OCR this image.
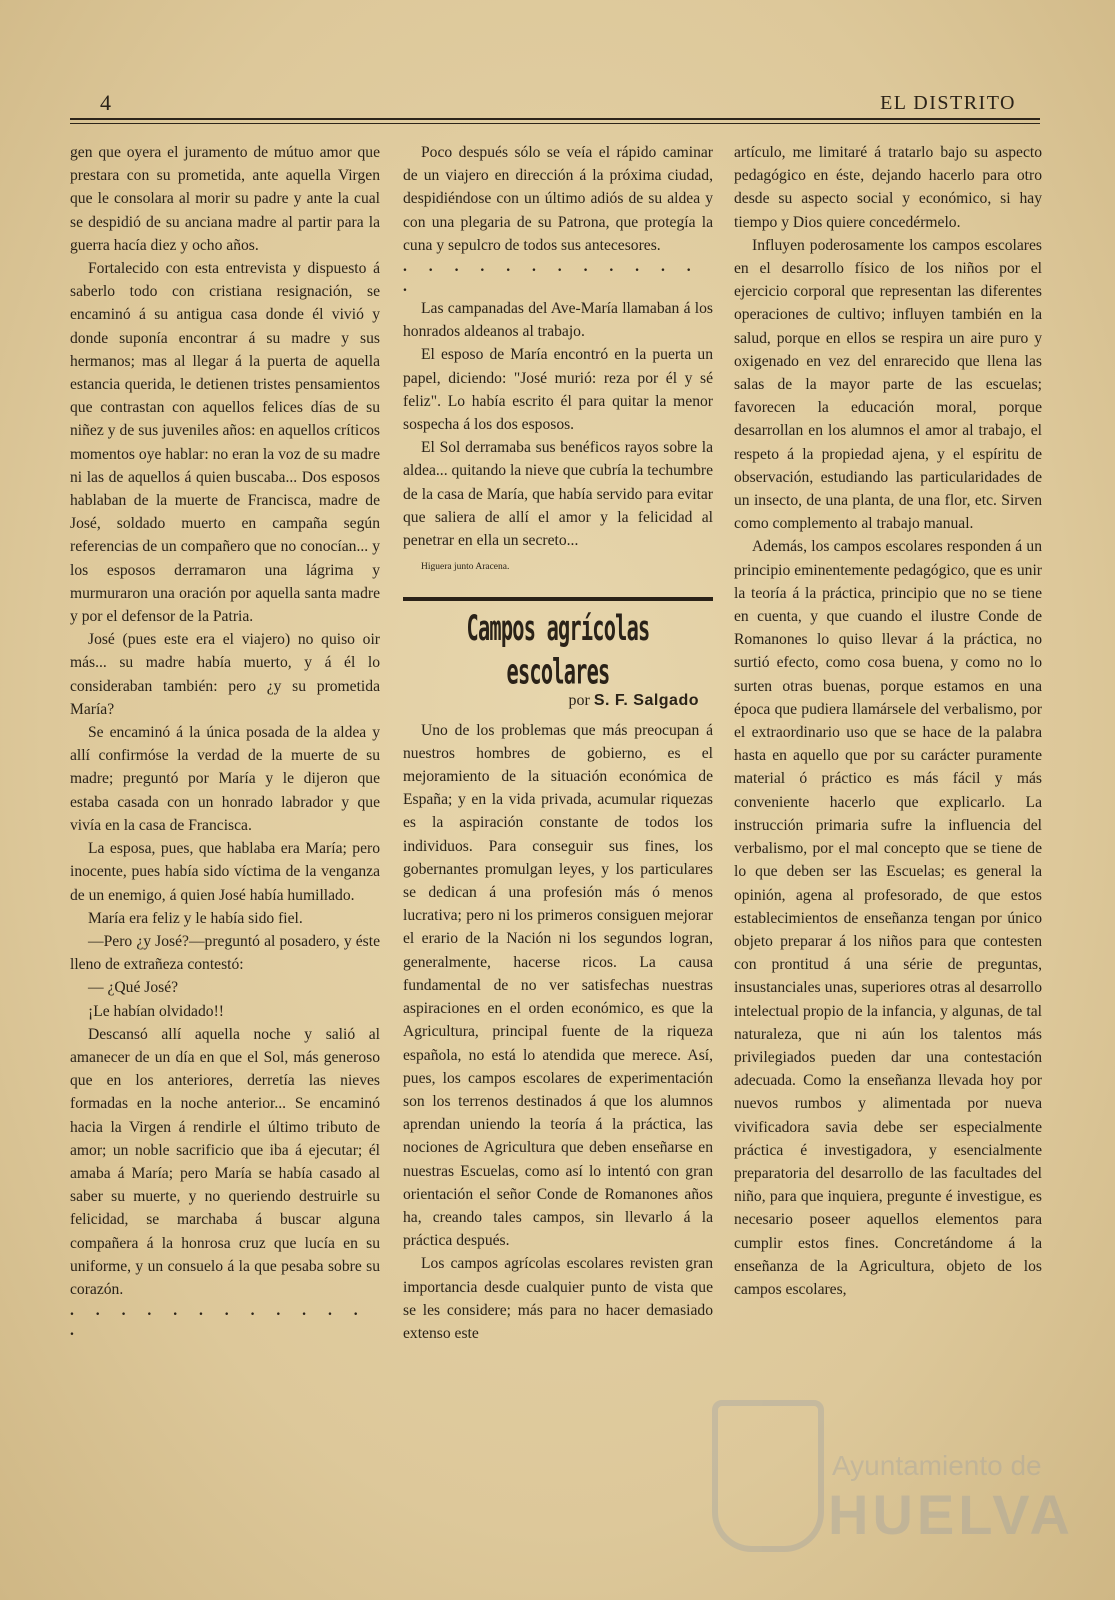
4	EL DISTRITO

gen que oyera el juramento de mútuo amor que prestara con su prometida, ante aquella Virgen que le consolara al morir su padre y ante la cual se despidió de su anciana madre al partir para la guerra hacía diez y ocho años.

Fortalecido con esta entrevista y dispuesto á saberlo todo con cristiana resignación, se encaminó á su antigua casa donde él vivió y donde suponía encontrar á su madre y sus hermanos; mas al llegar á la puerta de aquella estancia querida, le detienen tristes pensamientos que contrastan con aquellos felices días de su niñez y de sus juveniles años: en aquellos críticos momentos oye hablar: no eran la voz de su madre ni las de aquellos á quien buscaba... Dos esposos hablaban de la muerte de Francisca, madre de José, soldado muerto en campaña según referencias de un compañero que no conocían... y los esposos derramaron una lágrima y murmuraron una oración por aquella santa madre y por el defensor de la Patria.

José (pues este era el viajero) no quiso oir más... su madre había muerto, y á él lo consideraban también: pero ¿y su prometida María?

Se encaminó á la única posada de la aldea y allí confirmóse la verdad de la muerte de su madre; preguntó por María y le dijeron que estaba casada con un honrado labrador y que vivía en la casa de Francisca.

La esposa, pues, que hablaba era María; pero inocente, pues había sido víctima de la venganza de un enemigo, á quien José había humillado.

María era feliz y le había sido fiel.

—Pero ¿y José?—preguntó al posadero, y éste lleno de extrañeza contestó:

— ¿Qué José?

¡Le habían olvidado!!

Descansó allí aquella noche y salió al amanecer de un día en que el Sol, más generoso que en los anteriores, derretía las nieves formadas en la noche anterior... Se encaminó hacia la Virgen á rendirle el último tributo de amor; un noble sacrificio que iba á ejecutar; él amaba á María; pero María se había casado al saber su muerte, y no queriendo destruirle su felicidad, se marchaba á buscar alguna compañera á la honrosa cruz que lucía en su uniforme, y un consuelo á la que pesaba sobre su corazón.

. . . . . . . . . . . . .

Poco después sólo se veía el rápido caminar de un viajero en dirección á la próxima ciudad, despidiéndose con un último adiós de su aldea y con una plegaria de su Patrona, que protegía la cuna y sepulcro de todos sus antecesores.

. . . . . . . . . . . . .

Las campanadas del Ave-María llamaban á los honrados aldeanos al trabajo.

El esposo de María encontró en la puerta un papel, diciendo: "José murió: reza por él y sé feliz". Lo había escrito él para quitar la menor sospecha á los dos esposos.

El Sol derramaba sus benéficos rayos sobre la aldea... quitando la nieve que cubría la techumbre de la casa de María, que había servido para evitar que saliera de allí el amor y la felicidad al penetrar en ella un secreto...

Higuera junto Aracena.

Campos agrícolas escolares

por S. F. Salgado

Uno de los problemas que más preocupan á nuestros hombres de gobierno, es el mejoramiento de la situación económica de España; y en la vida privada, acumular riquezas es la aspiración constante de todos los individuos. Para conseguir sus fines, los gobernantes promulgan leyes, y los particulares se dedican á una profesión más ó menos lucrativa; pero ni los primeros consiguen mejorar el erario de la Nación ni los segundos logran, generalmente, hacerse ricos. La causa fundamental de no ver satisfechas nuestras aspiraciones en el orden económico, es que la Agricultura, principal fuente de la riqueza española, no está lo atendida que merece. Así, pues, los campos escolares de experimentación son los terrenos destinados á que los alumnos aprendan uniendo la teoría á la práctica, las nociones de Agricultura que deben enseñarse en nuestras Escuelas, como así lo intentó con gran orientación el señor Conde de Romanones años ha, creando tales campos, sin llevarlo á la práctica después.

Los campos agrícolas escolares revisten gran importancia desde cualquier punto de vista que se les considere; más para no hacer demasiado extenso este

artículo, me limitaré á tratarlo bajo su aspecto pedagógico en éste, dejando hacerlo para otro desde su aspecto social y económico, si hay tiempo y Dios quiere concedérmelo.

Influyen poderosamente los campos escolares en el desarrollo físico de los niños por el ejercicio corporal que representan las diferentes operaciones de cultivo; influyen también en la salud, porque en ellos se respira un aire puro y oxigenado en vez del enrarecido que llena las salas de la mayor parte de las escuelas; favorecen la educación moral, porque desarrollan en los alumnos el amor al trabajo, el respeto á la propiedad ajena, y el espíritu de observación, estudiando las particularidades de un insecto, de una planta, de una flor, etc. Sirven como complemento al trabajo manual.

Además, los campos escolares responden á un principio eminentemente pedagógico, que es unir la teoría á la práctica, principio que no se tiene en cuenta, y que cuando el ilustre Conde de Romanones lo quiso llevar á la práctica, no surtió efecto, como cosa buena, y como no lo surten otras buenas, porque estamos en una época que pudiera llamársele del verbalismo, por el extraordinario uso que se hace de la palabra hasta en aquello que por su carácter puramente material ó práctico es más fácil y más conveniente hacerlo que explicarlo. La instrucción primaria sufre la influencia del verbalismo, por el mal concepto que se tiene de lo que deben ser las Escuelas; es general la opinión, agena al profesorado, de que estos establecimientos de enseñanza tengan por único objeto preparar á los niños para que contesten con prontitud á una série de preguntas, insustanciales unas, superiores otras al desarrollo intelectual propio de la infancia, y algunas, de tal naturaleza, que ni aún los talentos más privilegiados pueden dar una contestación adecuada. Como la enseñanza llevada hoy por nuevos rumbos y alimentada por nueva vivificadora savia debe ser especialmente práctica é investigadora, y esencialmente preparatoria del desarrollo de las facultades del niño, para que inquiera, pregunte é investigue, es necesario poseer aquellos elementos para cumplir estos fines. Concretándome á la enseñanza de la Agricultura, objeto de los campos escolares,

Ayuntamiento de
HUELVA
